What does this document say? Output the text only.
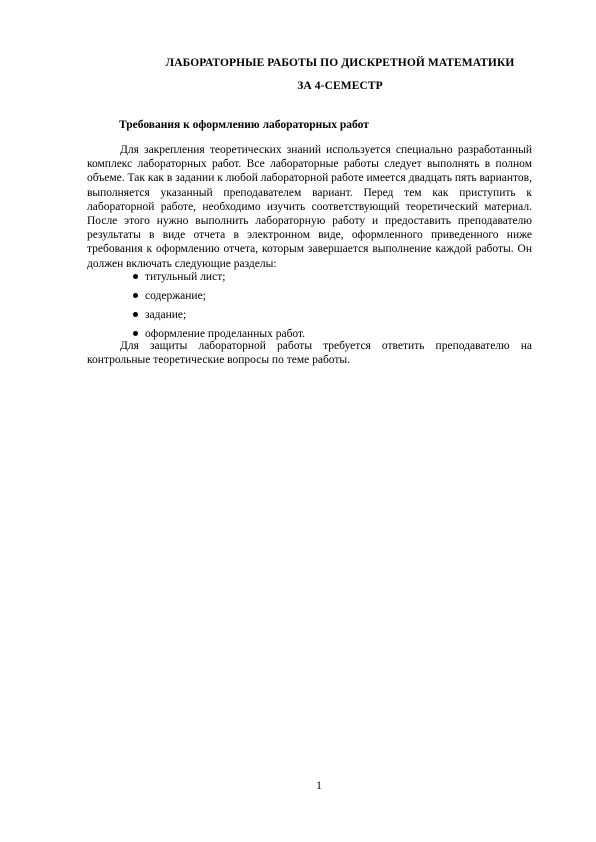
ЛАБОРАТОРНЫЕ РАБОТЫ ПО ДИСКРЕТНОЙ МАТЕМАТИКИ
ЗА 4-СЕМЕСТР
Требования к оформлению лабораторных работ
Для закрепления теоретических знаний используется специально разработанный комплекс лабораторных работ. Все лабораторные работы следует выполнять в полном объеме. Так как в задании к любой лабораторной работе имеется двадцать пять вариантов, выполняется указанный преподавателем вариант. Перед тем как приступить к лабораторной работе, необходимо изучить соответствующий теоретический материал. После этого нужно выполнить лабораторную работу и предоставить преподавателю результаты в виде отчета в электронном виде, оформленного приведенного ниже требования к оформлению отчета, которым завершается выполнение каждой работы. Он должен включать следующие разделы:
титульный лист;
содержание;
задание;
оформление проделанных работ.
Для защиты лабораторной работы требуется ответить преподавателю на контрольные теоретические вопросы по теме работы.
1
